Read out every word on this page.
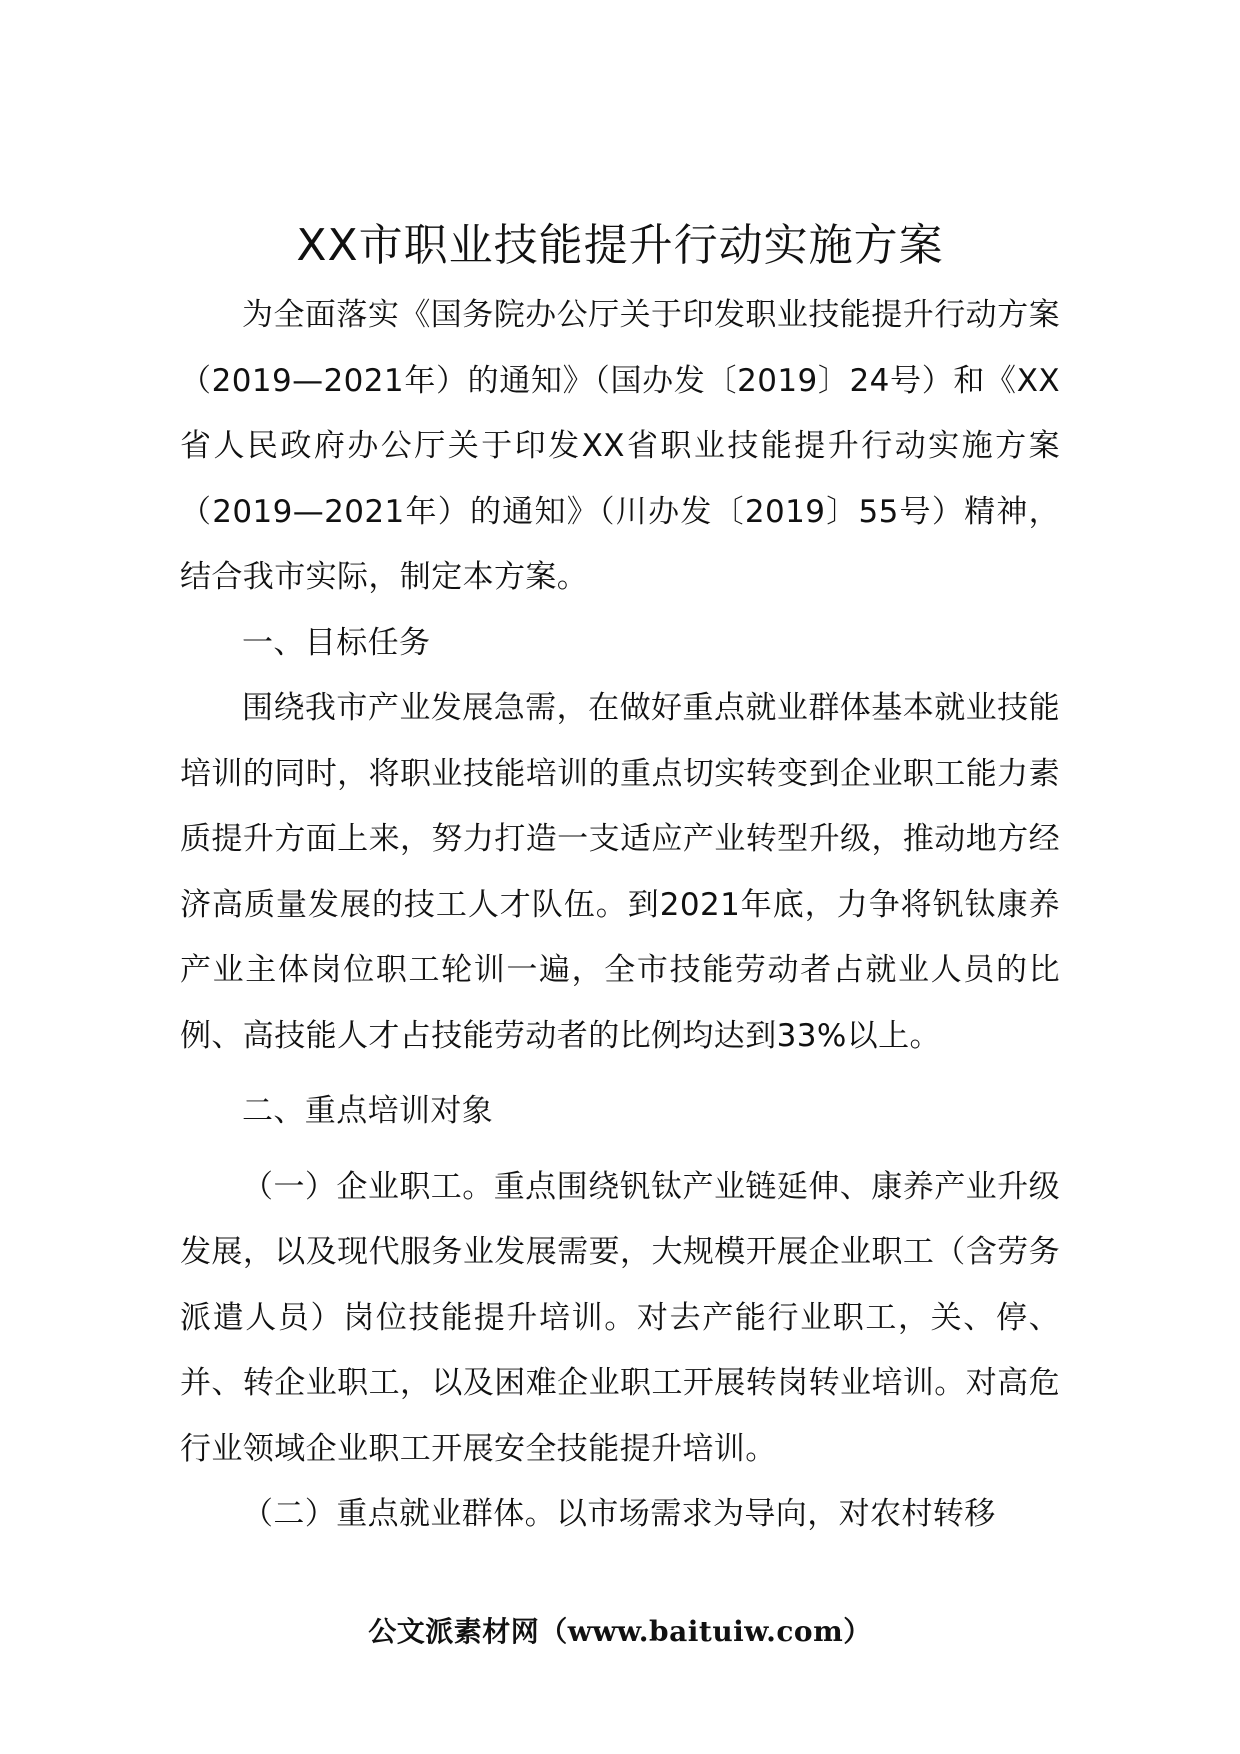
XX市职业技能提升行动实施方案

为全面落实《国务院办公厅关于印发职业技能提升行动方案（2019—2021年）的通知》（国办发〔2019〕24号）和《XX省人民政府办公厅关于印发XX省职业技能提升行动实施方案（2019—2021年）的通知》（川办发〔2019〕55号）精神，结合我市实际，制定本方案。

一、目标任务

围绕我市产业发展急需，在做好重点就业群体基本就业技能培训的同时，将职业技能培训的重点切实转变到企业职工能力素质提升方面上来，努力打造一支适应产业转型升级，推动地方经济高质量发展的技工人才队伍。到2021年底，力争将钒钛康养产业主体岗位职工轮训一遍，全市技能劳动者占就业人员的比例、高技能人才占技能劳动者的比例均达到33%以上。

二、重点培训对象

（一）企业职工。重点围绕钒钛产业链延伸、康养产业升级发展，以及现代服务业发展需要，大规模开展企业职工（含劳务派遣人员）岗位技能提升培训。对去产能行业职工，关、停、并、转企业职工，以及困难企业职工开展转岗转业培训。对高危行业领域企业职工开展安全技能提升培训。

（二）重点就业群体。以市场需求为导向，对农村转移

公文派素材网（www.baituiw.com）
